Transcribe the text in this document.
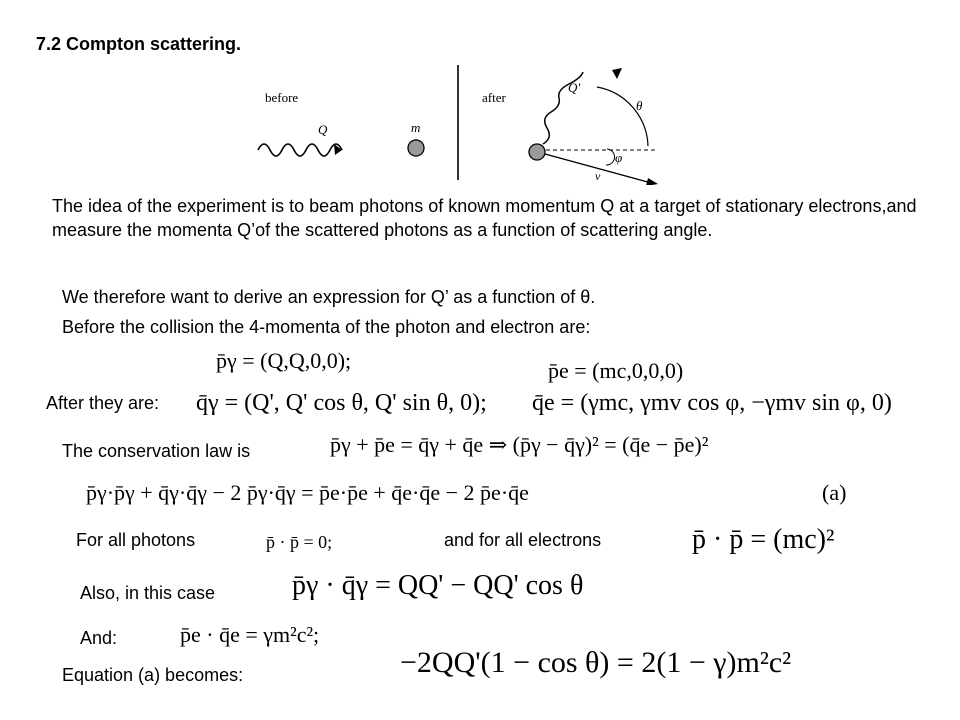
7.2 Compton scattering.
before
Q	m
after
Q'
θ
φ
v
The idea of the experiment is to beam photons of known momentum Q at a target of stationary electrons,and measure the momenta Q’of the scattered photons as a function of scattering angle.
We therefore want to derive an expression for Q’ as a function of θ.
Before the collision the 4-momenta of the photon and electron are:
p̄γ = (Q,Q,0,0);	p̄e = (mc,0,0,0)
After they are: q̄γ = (Q', Q' cos θ, Q' sin θ, 0); q̄e = (γmc, γmv cos φ, −γmv sin φ, 0)
The conservation law is	p̄γ + p̄e = q̄γ + q̄e ⇒ (p̄γ − q̄γ)² = (q̄e − p̄e)²
p̄γ·p̄γ + q̄γ·q̄γ − 2 p̄γ·q̄γ = p̄e·p̄e + q̄e·q̄e − 2 p̄e·q̄e	(a)
For all photons	p̄ · p̄ = 0;	and for all electrons	p̄ · p̄ = (mc)²
Also, in this case	p̄γ · q̄γ = QQ' − QQ' cos θ
And:	p̄e · q̄e = γm²c²;
−2QQ'(1 − cos θ) = 2(1 − γ)m²c²
Equation (a) becomes:
